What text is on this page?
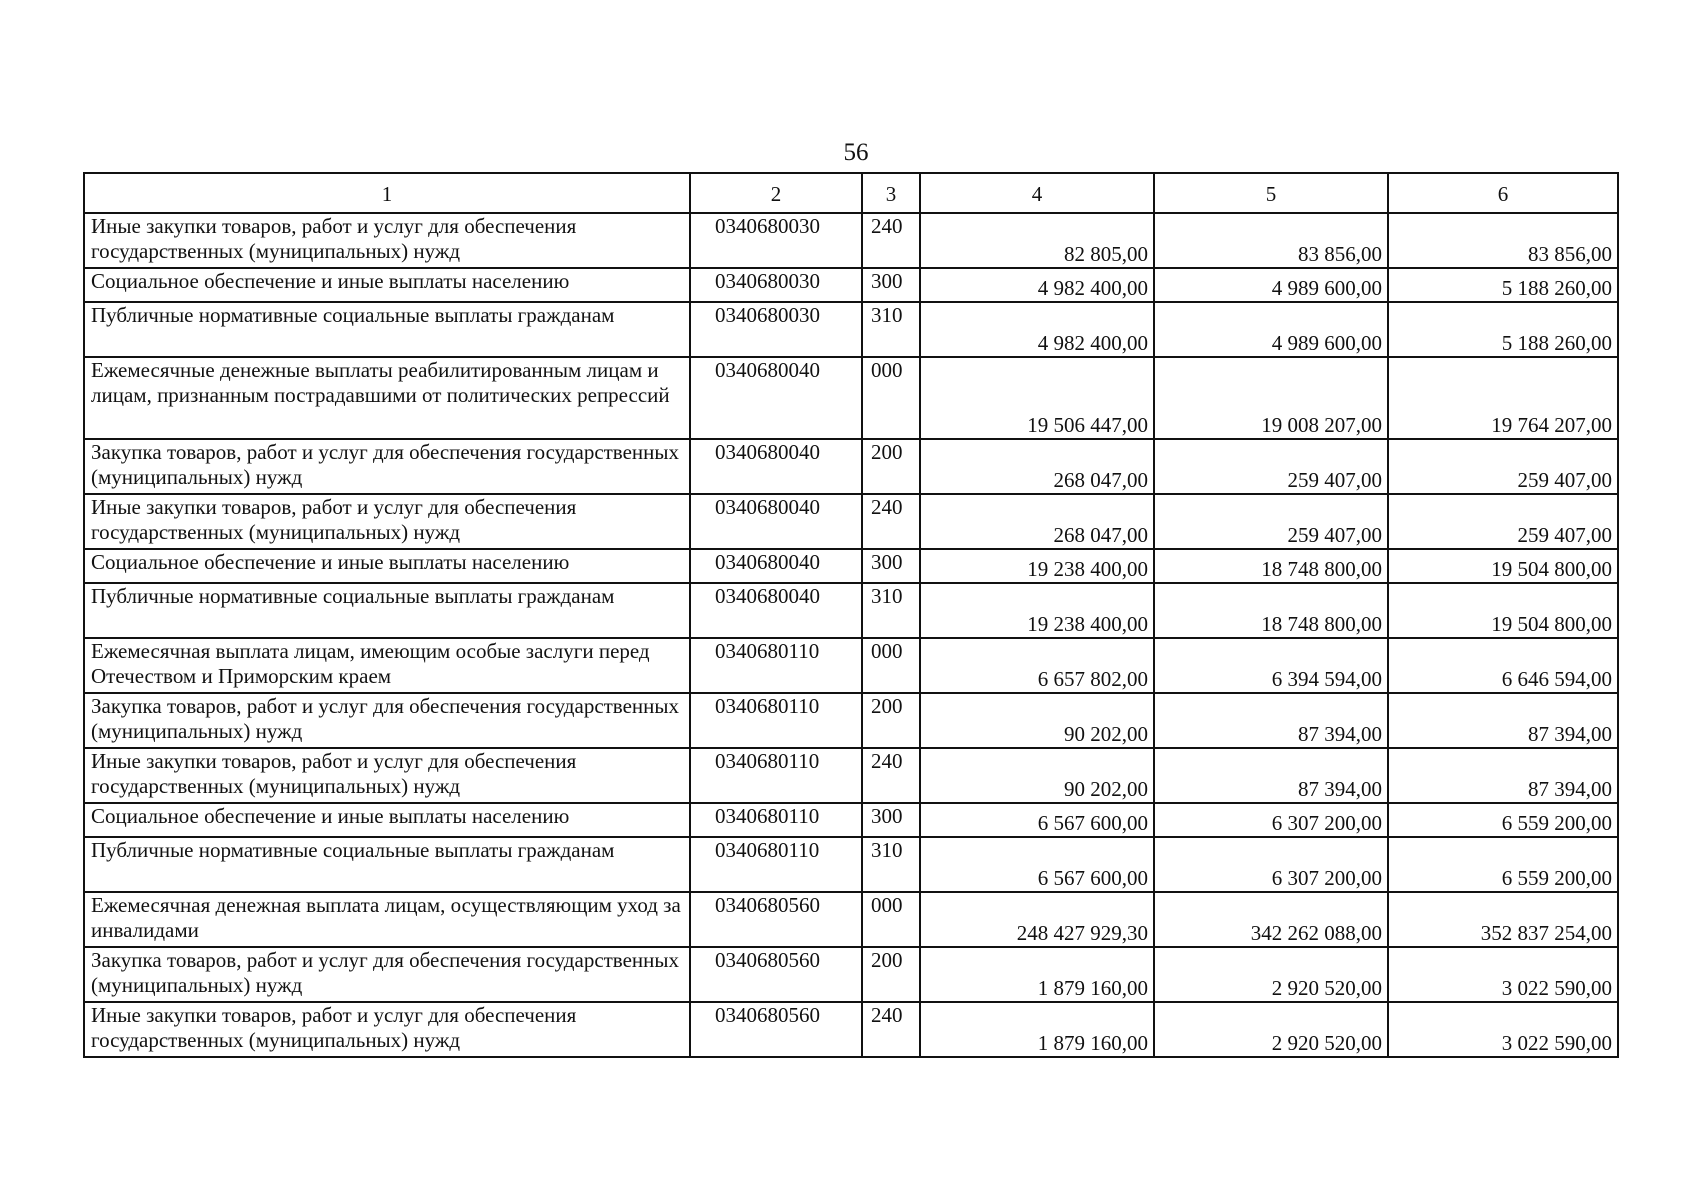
56
1	2	3	4	5	6
Иные закупки товаров, работ и услуг для обеспечения государственных (муниципальных) нужд	0340680030	240	82 805,00	83 856,00	83 856,00
Социальное обеспечение и иные выплаты населению	0340680030	300	4 982 400,00	4 989 600,00	5 188 260,00
Публичные нормативные социальные выплаты гражданам	0340680030	310	4 982 400,00	4 989 600,00	5 188 260,00
Ежемесячные денежные выплаты реабилитированным лицам и лицам, признанным пострадавшими от политических репрессий	0340680040	000	19 506 447,00	19 008 207,00	19 764 207,00
Закупка товаров, работ и услуг для обеспечения государственных (муниципальных) нужд	0340680040	200	268 047,00	259 407,00	259 407,00
Иные закупки товаров, работ и услуг для обеспечения государственных (муниципальных) нужд	0340680040	240	268 047,00	259 407,00	259 407,00
Социальное обеспечение и иные выплаты населению	0340680040	300	19 238 400,00	18 748 800,00	19 504 800,00
Публичные нормативные социальные выплаты гражданам	0340680040	310	19 238 400,00	18 748 800,00	19 504 800,00
Ежемесячная выплата лицам, имеющим особые заслуги перед Отечеством и Приморским краем	0340680110	000	6 657 802,00	6 394 594,00	6 646 594,00
Закупка товаров, работ и услуг для обеспечения государственных (муниципальных) нужд	0340680110	200	90 202,00	87 394,00	87 394,00
Иные закупки товаров, работ и услуг для обеспечения государственных (муниципальных) нужд	0340680110	240	90 202,00	87 394,00	87 394,00
Социальное обеспечение и иные выплаты населению	0340680110	300	6 567 600,00	6 307 200,00	6 559 200,00
Публичные нормативные социальные выплаты гражданам	0340680110	310	6 567 600,00	6 307 200,00	6 559 200,00
Ежемесячная денежная выплата лицам, осуществляющим уход за инвалидами	0340680560	000	248 427 929,30	342 262 088,00	352 837 254,00
Закупка товаров, работ и услуг для обеспечения государственных (муниципальных) нужд	0340680560	200	1 879 160,00	2 920 520,00	3 022 590,00
Иные закупки товаров, работ и услуг для обеспечения государственных (муниципальных) нужд	0340680560	240	1 879 160,00	2 920 520,00	3 022 590,00
